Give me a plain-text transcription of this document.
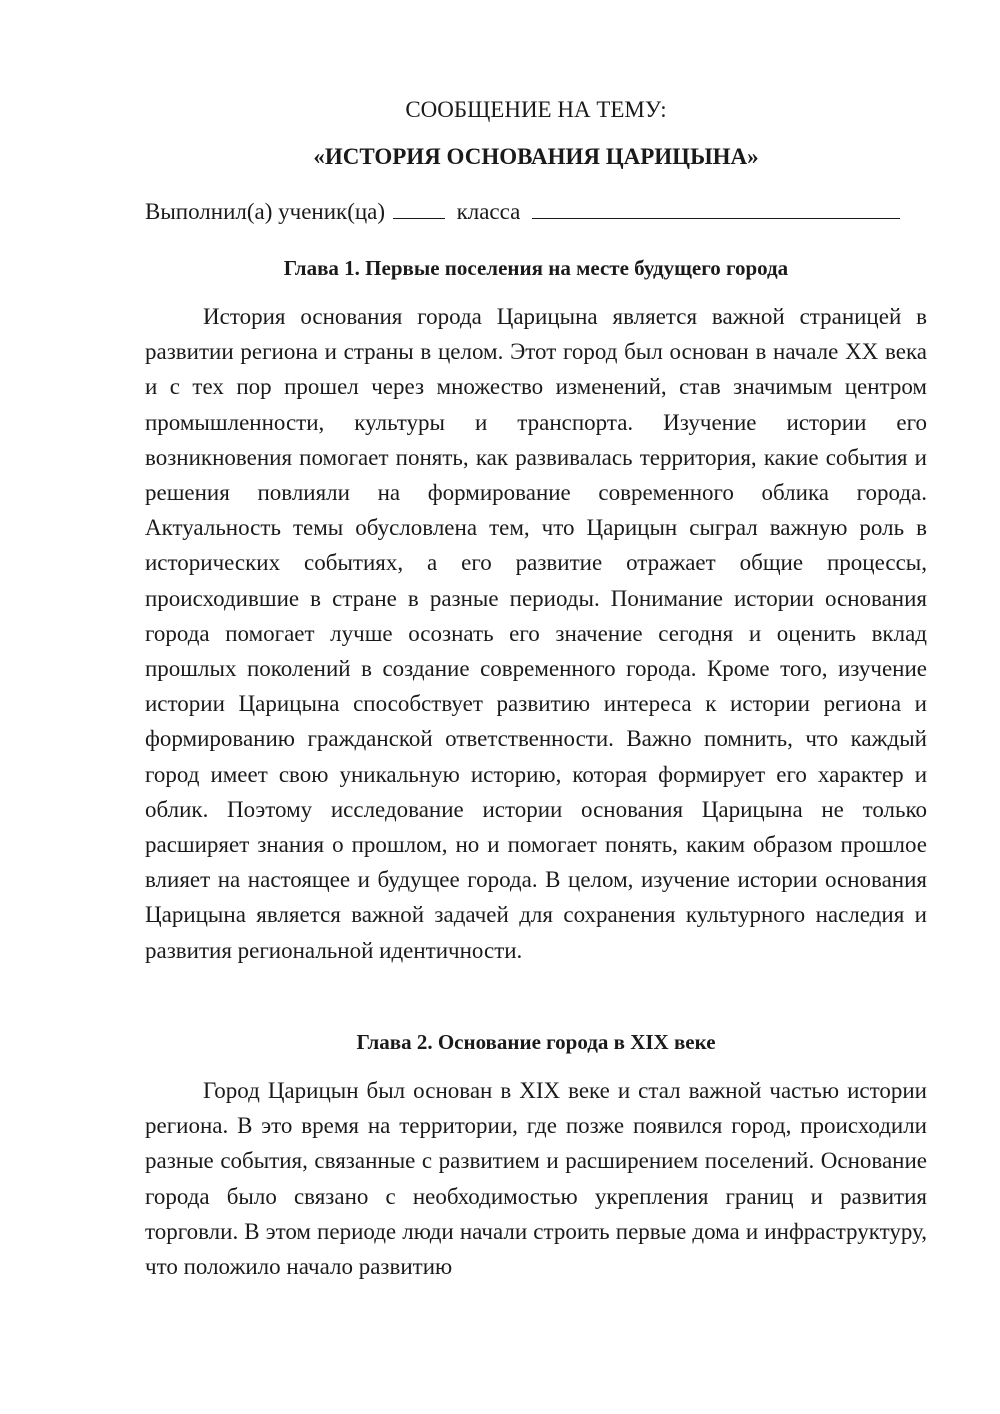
СООБЩЕНИЕ НА ТЕМУ:
«ИСТОРИЯ ОСНОВАНИЯ ЦАРИЦЫНА»
Выполнил(а) ученик(ца)	класса
Глава 1. Первые поселения на месте будущего города

История основания города Царицына является важной страницей в развитии региона и страны в целом. Этот город был основан в начале XX века и с тех пор прошел через множество изменений, став значимым центром промышленности, культуры и транспорта. Изучение истории его возникновения помогает понять, как развивалась территория, какие события и решения повлияли на формирование современного облика города. Актуальность темы обусловлена тем, что Царицын сыграл важную роль в исторических событиях, а его развитие отражает общие процессы, происходившие в стране в разные периоды. Понимание истории основания города помогает лучше осознать его значение сегодня и оценить вклад прошлых поколений в создание современного города. Кроме того, изучение истории Царицына способствует развитию интереса к истории региона и формированию гражданской ответственности. Важно помнить, что каждый город имеет свою уникальную историю, которая формирует его характер и облик. Поэтому исследование истории основания Царицына не только расширяет знания о прошлом, но и помогает понять, каким образом прошлое влияет на настоящее и будущее города. В целом, изучение истории основания Царицына является важной задачей для сохранения культурного наследия и развития региональной идентичности.

Глава 2. Основание города в XIX веке

Город Царицын был основан в XIX веке и стал важной частью истории региона. В это время на территории, где позже появился город, происходили разные события, связанные с развитием и расширением поселений. Основание города было связано с необходимостью укрепления границ и развития торговли. В этом периоде люди начали строить первые дома и инфраструктуру, что положило начало развитию
